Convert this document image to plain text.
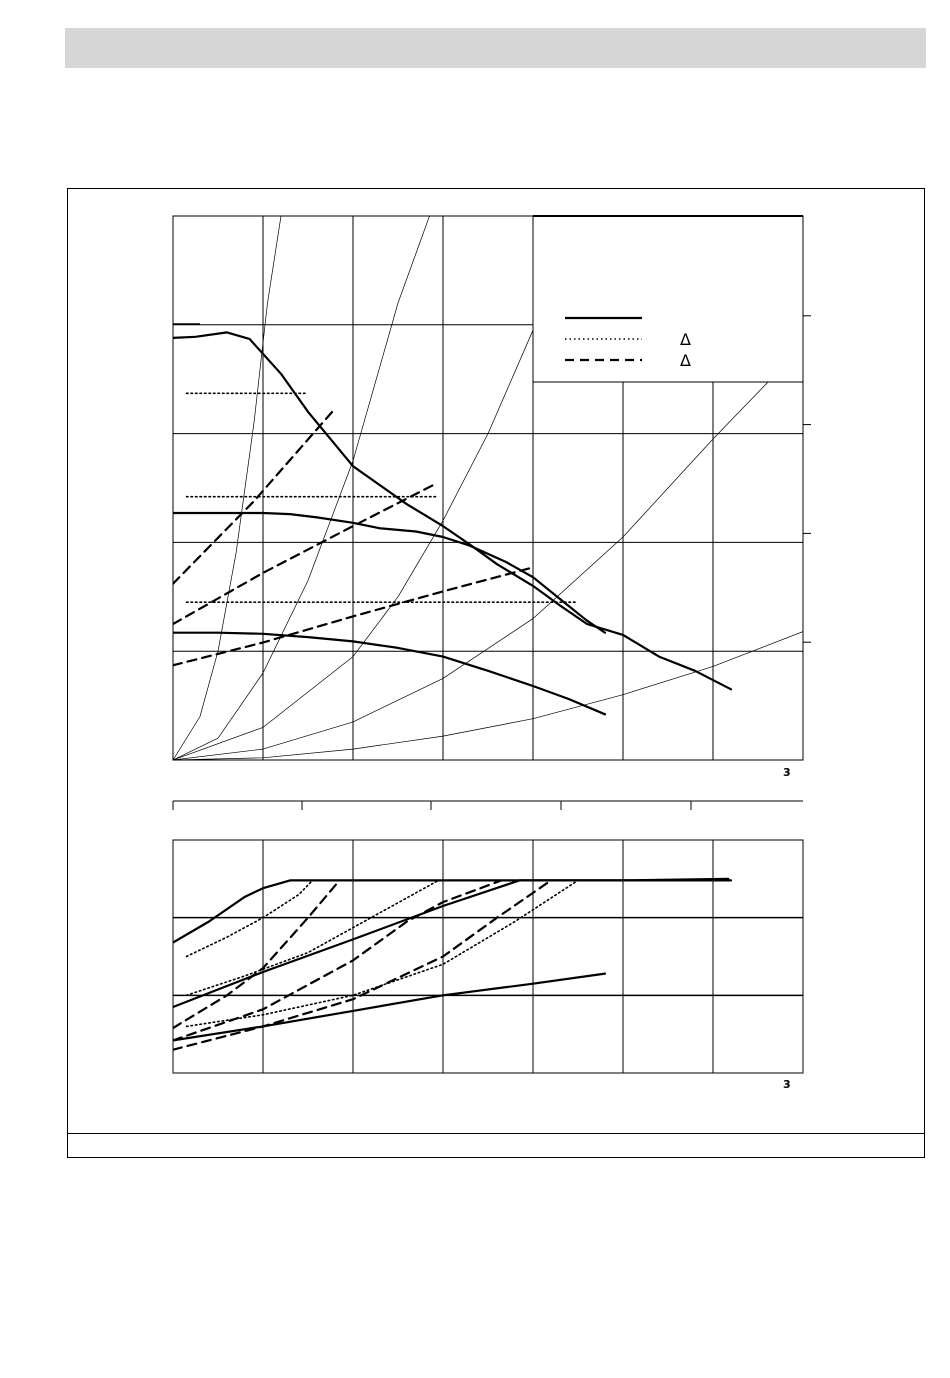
3
3
Δ
Δ
